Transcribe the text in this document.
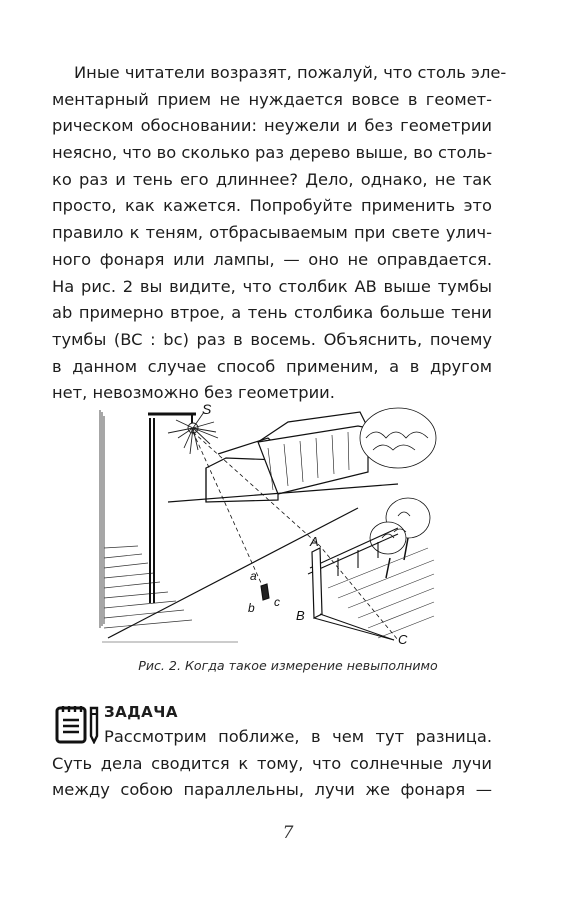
Иные читатели возразят, пожалуй, что столь эле-
ментарный прием не нуждается вовсе в геомет-
рическом обосновании: неужели и без геометрии
неясно, что во сколько раз дерево выше, во столь-
ко раз и тень его длиннее? Дело, однако, не так
просто, как кажется. Попробуйте применить это
правило к теням, отбрасываемым при свете улич-
ного фонаря или лампы, — оно не оправдается.
На рис. 2 вы видите, что столбик АВ выше тумбы
ab примерно втрое, а тень столбика больше тени
тумбы (BC : bc) раз в восемь. Объяснить, почему
в данном случае способ применим, а в другом
нет, невозможно без геометрии.
S
A
B
C
a
b c
Рис. 2. Когда такое измерение невыполнимо
ЗАДАЧА
Рассмотрим поближе, в чем тут разница.
Суть дела сводится к тому, что солнечные лучи
между собою параллельны, лучи же фонаря —
7
